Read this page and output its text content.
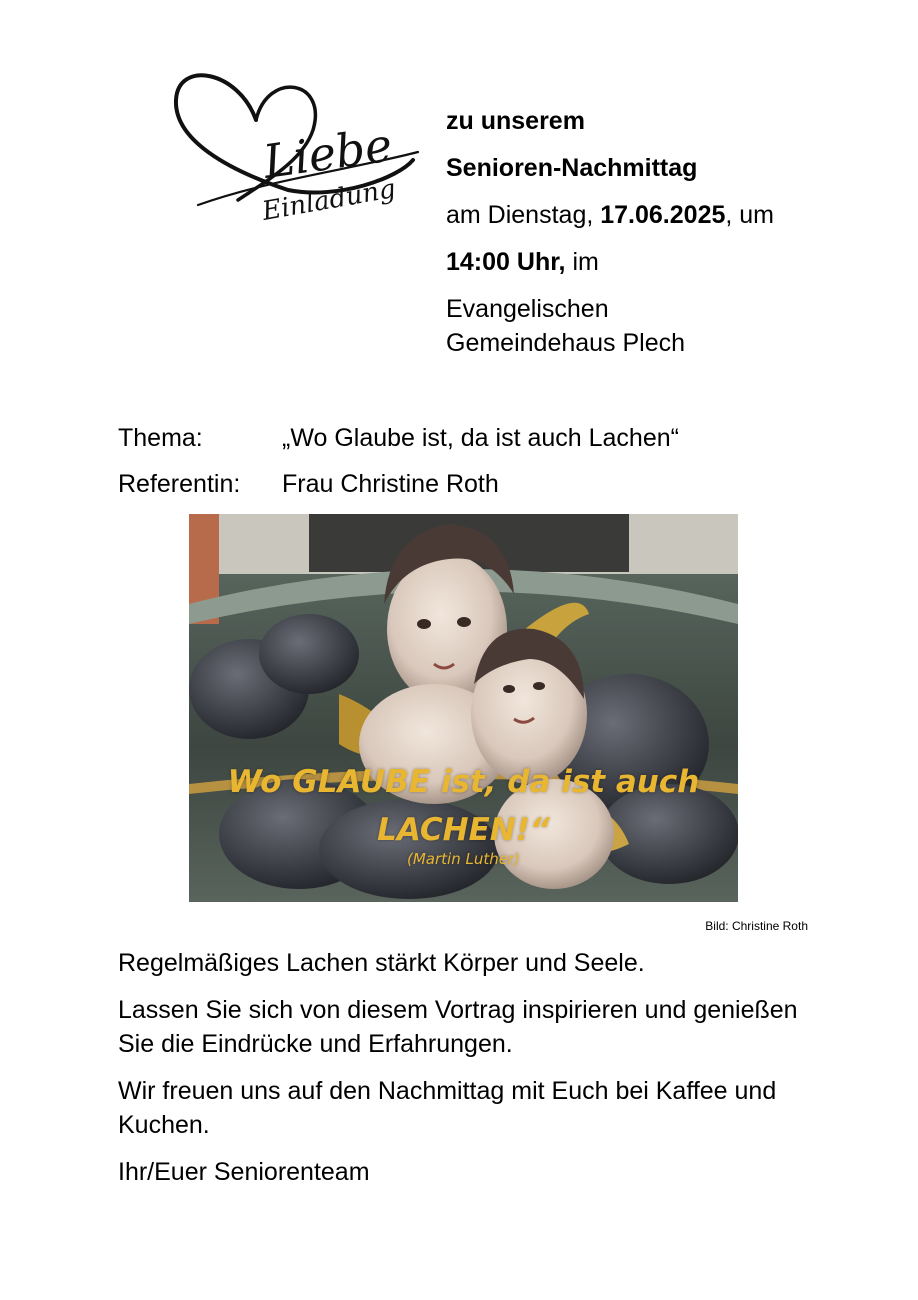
Liebe
Einladung
zu unserem
Senioren-Nachmittag
am Dienstag, 17.06.2025, um
14:00 Uhr, im
Evangelischen
Gemeindehaus Plech
Thema:	„Wo Glaube ist, da ist auch Lachen“
Referentin:	Frau Christine Roth
Wo GLAUBE ist, da ist auch
LACHEN!“
(Martin Luther)
Bild: Christine Roth

Regelmäßiges Lachen stärkt Körper und Seele.

Lassen Sie sich von diesem Vortrag inspirieren und genießen Sie die Eindrücke und Erfahrungen.

Wir freuen uns auf den Nachmittag mit Euch bei Kaffee und Kuchen.

Ihr/Euer Seniorenteam
